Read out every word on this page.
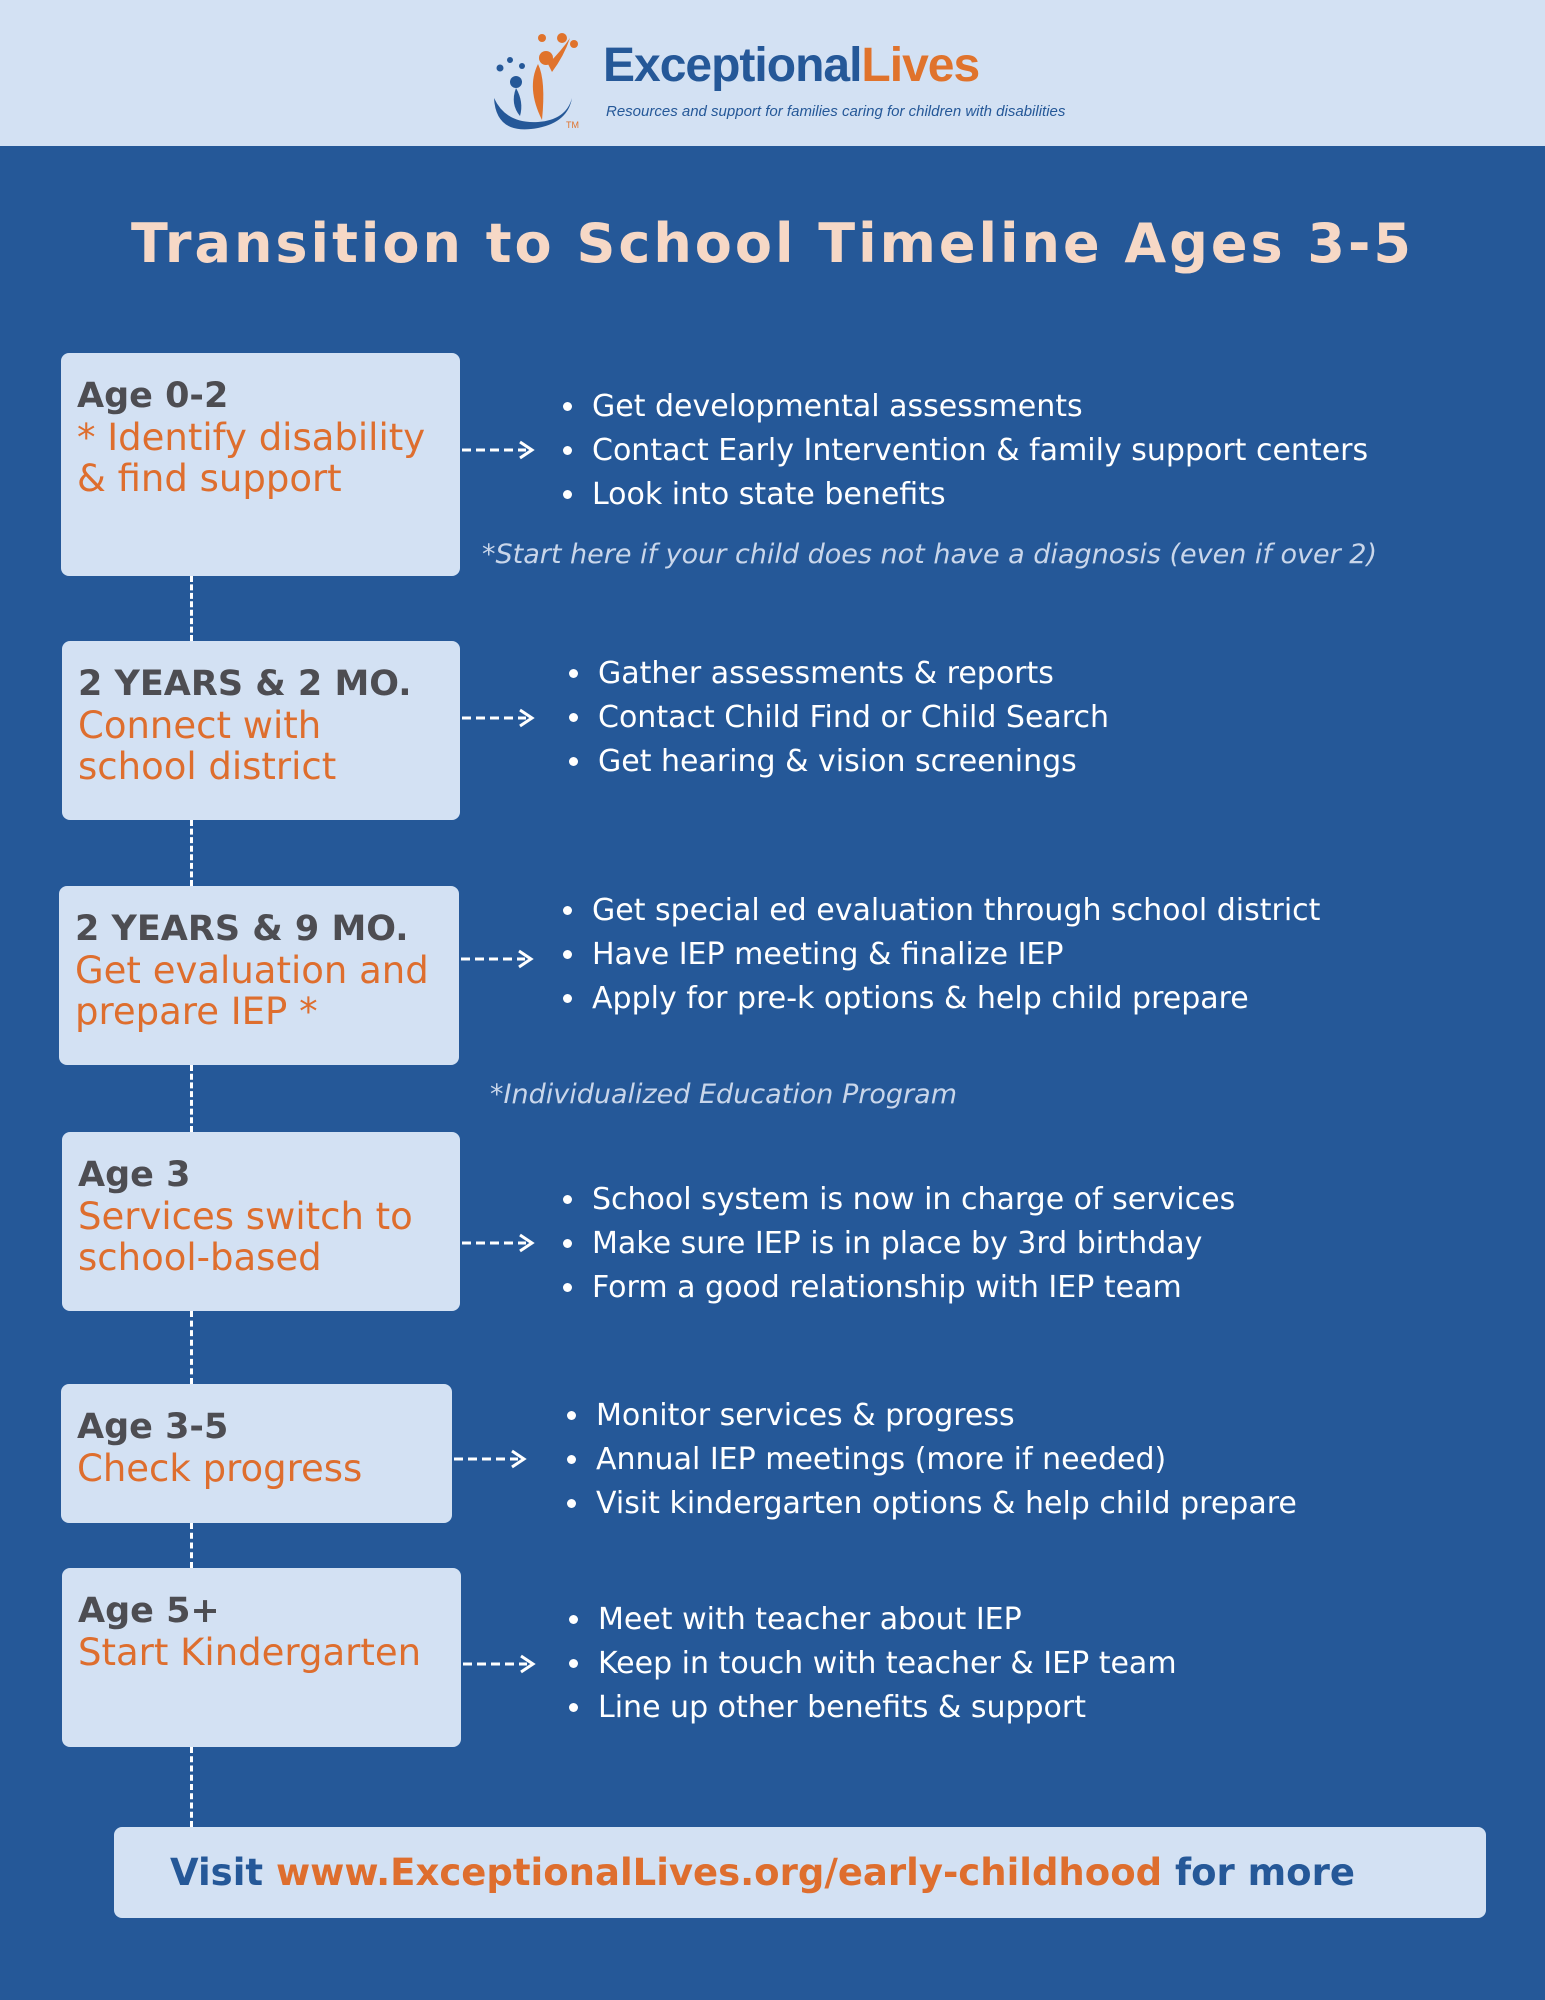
TM
ExceptionalLives
Resources and support for families caring for children with disabilities
Transition to School Timeline Ages 3-5
Age 0-2
* Identify disability & find support
• Get developmental assessments
• Contact Early Intervention & family support centers
• Look into state benefits
*Start here if your child does not have a diagnosis (even if over 2)
2 YEARS & 2 MO.
Connect with school district
• Gather assessments & reports
• Contact Child Find or Child Search
• Get hearing & vision screenings
2 YEARS & 9 MO.
Get evaluation and prepare IEP *
• Get special ed evaluation through school district
• Have IEP meeting & finalize IEP
• Apply for pre-k options & help child prepare
*Individualized Education Program
Age 3
Services switch to school-based
• School system is now in charge of services
• Make sure IEP is in place by 3rd birthday
• Form a good relationship with IEP team
Age 3-5
Check progress
• Monitor services & progress
• Annual IEP meetings (more if needed)
• Visit kindergarten options & help child prepare
Age 5+
Start Kindergarten
• Meet with teacher about IEP
• Keep in touch with teacher & IEP team
• Line up other benefits & support
Visit www.ExceptionalLives.org/early-childhood for more
